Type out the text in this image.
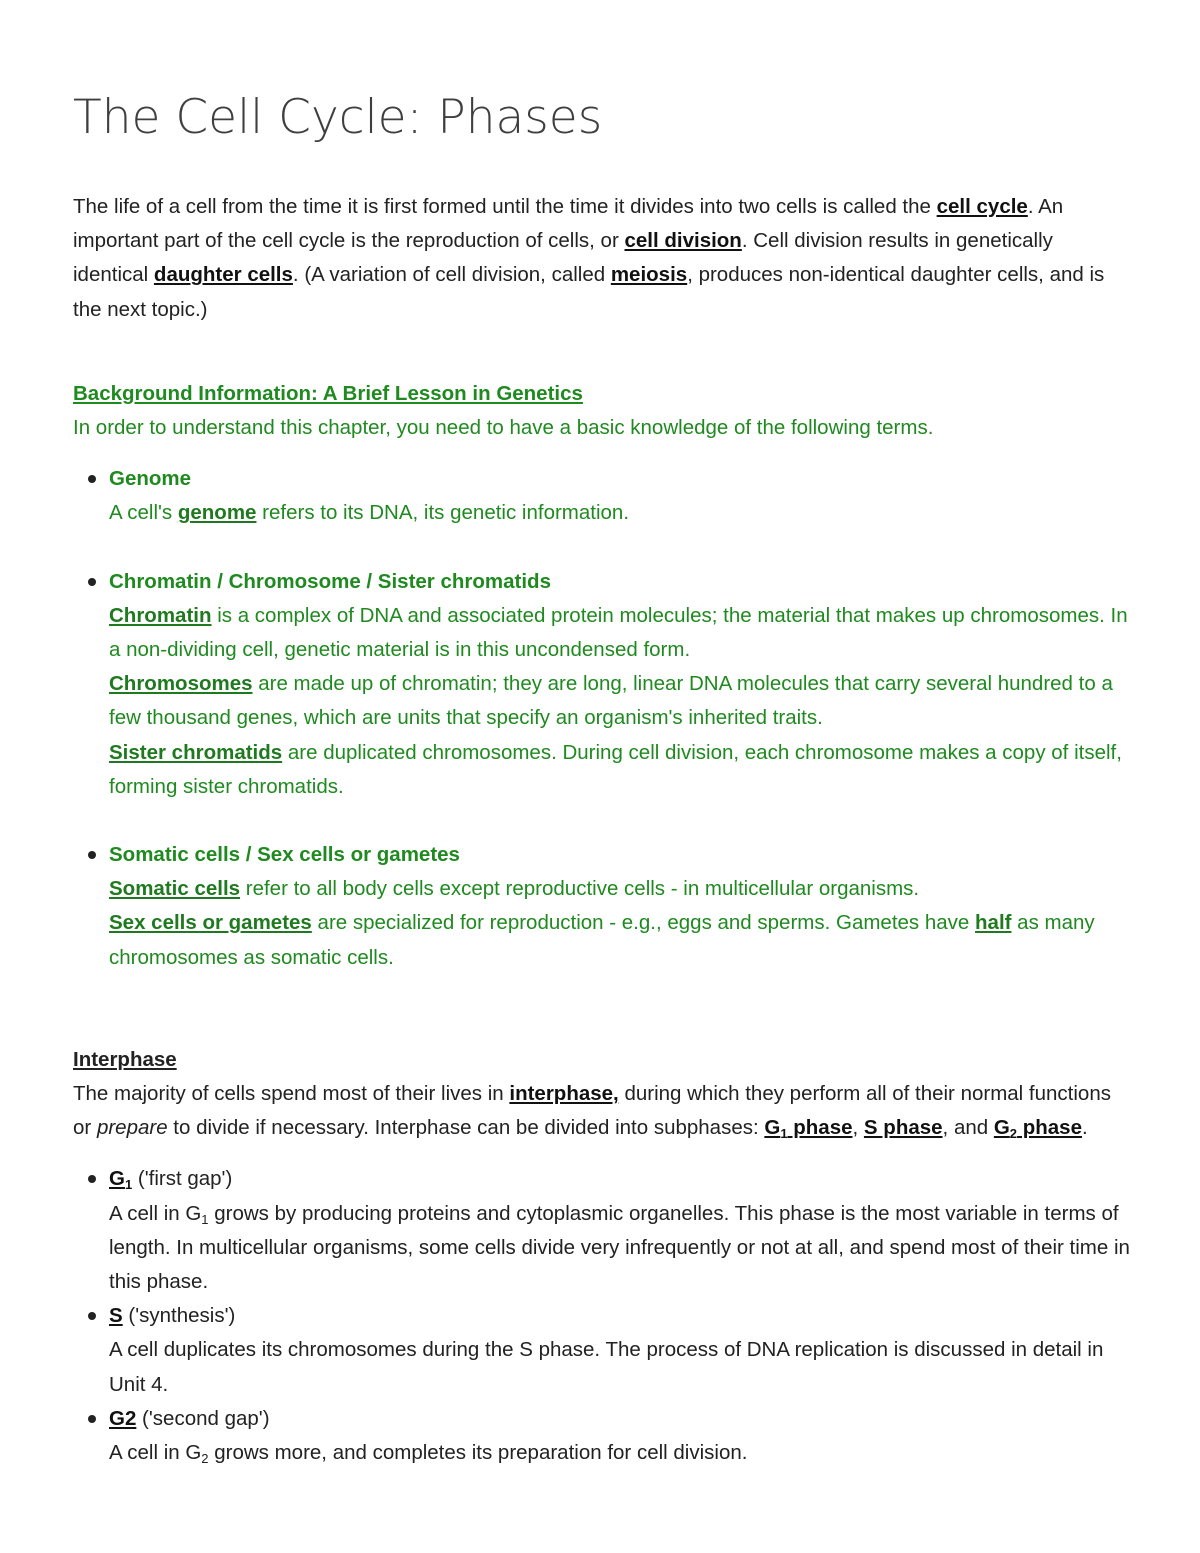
The Cell Cycle: Phases

The life of a cell from the time it is first formed until the time it divides into two cells is called the cell cycle. An important part of the cell cycle is the reproduction of cells, or cell division. Cell division results in genetically identical daughter cells. (A variation of cell division, called meiosis, produces non-identical daughter cells, and is the next topic.)

Background Information: A Brief Lesson in Genetics

In order to understand this chapter, you need to have a basic knowledge of the following terms.

Genome
A cell's genome refers to its DNA, its genetic information.
Chromatin / Chromosome / Sister chromatids
Chromatin is a complex of DNA and associated protein molecules; the material that makes up chromosomes. In a non-dividing cell, genetic material is in this uncondensed form.
Chromosomes are made up of chromatin; they are long, linear DNA molecules that carry several hundred to a few thousand genes, which are units that specify an organism's inherited traits.
Sister chromatids are duplicated chromosomes. During cell division, each chromosome makes a copy of itself, forming sister chromatids.
Somatic cells / Sex cells or gametes
Somatic cells refer to all body cells except reproductive cells - in multicellular organisms.
Sex cells or gametes are specialized for reproduction - e.g., eggs and sperms. Gametes have half as many chromosomes as somatic cells.

Interphase

The majority of cells spend most of their lives in interphase, during which they perform all of their normal functions or prepare to divide if necessary. Interphase can be divided into subphases: $G_1$ phase, S phase, and $G_2$ phase.

$G_1$ ('first gap')
A cell in $G_1$ grows by producing proteins and cytoplasmic organelles. This phase is the most variable in terms of length. In multicellular organisms, some cells divide very infrequently or not at all, and spend most of their time in this phase.
S ('synthesis')
A cell duplicates its chromosomes during the S phase. The process of DNA replication is discussed in detail in Unit 4.
G2 ('second gap')
A cell in $G_2$ grows more, and completes its preparation for cell division.
